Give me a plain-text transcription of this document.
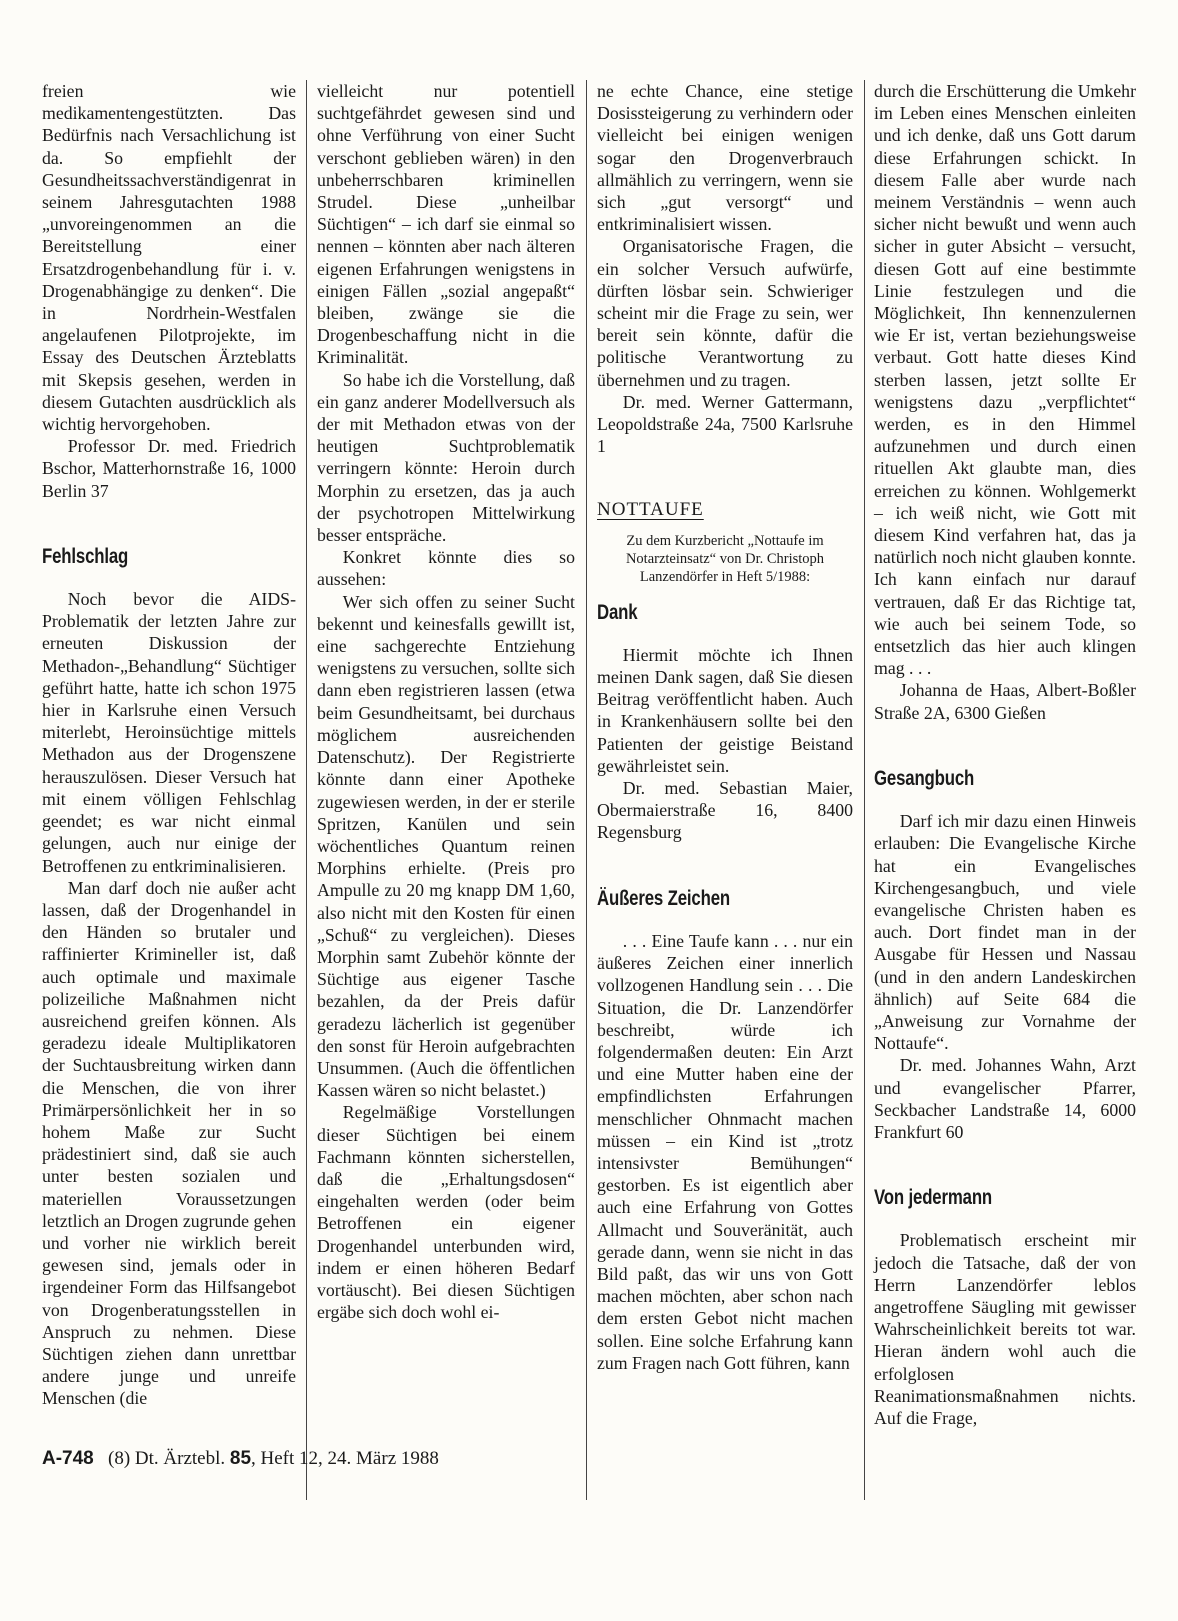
freien wie medikamentengestützten. Das Bedürfnis nach Versachlichung ist da. So empfiehlt der Gesundheitssachverständigenrat in seinem Jahresgutachten 1988 „unvoreingenommen an die Bereitstellung einer Ersatzdrogenbehandlung für i. v. Drogenabhängige zu denken“. Die in Nordrhein-Westfalen angelaufenen Pilotprojekte, im Essay des Deutschen Ärzteblatts mit Skepsis gesehen, werden in diesem Gutachten ausdrücklich als wichtig hervorgehoben.

Professor Dr. med. Friedrich Bschor, Matterhornstraße 16, 1000 Berlin 37

Fehlschlag

Noch bevor die AIDS-Problematik der letzten Jahre zur erneuten Diskussion der Methadon-„Behandlung“ Süchtiger geführt hatte, hatte ich schon 1975 hier in Karlsruhe einen Versuch miterlebt, Heroinsüchtige mittels Methadon aus der Drogenszene herauszulösen. Dieser Versuch hat mit einem völligen Fehlschlag geendet; es war nicht einmal gelungen, auch nur einige der Betroffenen zu entkriminalisieren.

Man darf doch nie außer acht lassen, daß der Drogenhandel in den Händen so brutaler und raffinierter Krimineller ist, daß auch optimale und maximale polizeiliche Maßnahmen nicht ausreichend greifen können. Als geradezu ideale Multiplikatoren der Suchtausbreitung wirken dann die Menschen, die von ihrer Primärpersönlichkeit her in so hohem Maße zur Sucht prädestiniert sind, daß sie auch unter besten sozialen und materiellen Voraussetzungen letztlich an Drogen zugrunde gehen und vorher nie wirklich bereit gewesen sind, jemals oder in irgendeiner Form das Hilfsangebot von Drogenberatungsstellen in Anspruch zu nehmen. Diese Süchtigen ziehen dann unrettbar andere junge und unreife Menschen (die

vielleicht nur potentiell suchtgefährdet gewesen sind und ohne Verführung von einer Sucht verschont geblieben wären) in den unbeherrschbaren kriminellen Strudel. Diese „unheilbar Süchtigen“ – ich darf sie einmal so nennen – könnten aber nach älteren eigenen Erfahrungen wenigstens in einigen Fällen „sozial angepaßt“ bleiben, zwänge sie die Drogenbeschaffung nicht in die Kriminalität.

So habe ich die Vorstellung, daß ein ganz anderer Modellversuch als der mit Methadon etwas von der heutigen Suchtproblematik verringern könnte: Heroin durch Morphin zu ersetzen, das ja auch der psychotropen Mittelwirkung besser entspräche.

Konkret könnte dies so aussehen:

Wer sich offen zu seiner Sucht bekennt und keinesfalls gewillt ist, eine sachgerechte Entziehung wenigstens zu versuchen, sollte sich dann eben registrieren lassen (etwa beim Gesundheitsamt, bei durchaus möglichem ausreichenden Datenschutz). Der Registrierte könnte dann einer Apotheke zugewiesen werden, in der er sterile Spritzen, Kanülen und sein wöchentliches Quantum reinen Morphins erhielte. (Preis pro Ampulle zu 20 mg knapp DM 1,60, also nicht mit den Kosten für einen „Schuß“ zu vergleichen). Dieses Morphin samt Zubehör könnte der Süchtige aus eigener Tasche bezahlen, da der Preis dafür geradezu lächerlich ist gegenüber den sonst für Heroin aufgebrachten Unsummen. (Auch die öffentlichen Kassen wären so nicht belastet.)

Regelmäßige Vorstellungen dieser Süchtigen bei einem Fachmann könnten sicherstellen, daß die „Erhaltungsdosen“ eingehalten werden (oder beim Betroffenen ein eigener Drogenhandel unterbunden wird, indem er einen höheren Bedarf vortäuscht). Bei diesen Süchtigen ergäbe sich doch wohl ei-

ne echte Chance, eine stetige Dosissteigerung zu verhindern oder vielleicht bei einigen wenigen sogar den Drogenverbrauch allmählich zu verringern, wenn sie sich „gut versorgt“ und entkriminalisiert wissen.

Organisatorische Fragen, die ein solcher Versuch aufwürfe, dürften lösbar sein. Schwieriger scheint mir die Frage zu sein, wer bereit sein könnte, dafür die politische Verantwortung zu übernehmen und zu tragen.

Dr. med. Werner Gattermann, Leopoldstraße 24a, 7500 Karlsruhe 1

NOTTAUFE
Zu dem Kurzbericht „Nottaufe im Notarzteinsatz“ von Dr. Christoph Lanzendörfer in Heft 5/1988:
Dank

Hiermit möchte ich Ihnen meinen Dank sagen, daß Sie diesen Beitrag veröffentlicht haben. Auch in Krankenhäusern sollte bei den Patienten der geistige Beistand gewährleistet sein.

Dr. med. Sebastian Maier, Obermaierstraße 16, 8400 Regensburg

Äußeres Zeichen

. . . Eine Taufe kann . . . nur ein äußeres Zeichen einer innerlich vollzogenen Handlung sein . . . Die Situation, die Dr. Lanzendörfer beschreibt, würde ich folgendermaßen deuten: Ein Arzt und eine Mutter haben eine der empfindlichsten Erfahrungen menschlicher Ohnmacht machen müssen – ein Kind ist „trotz intensivster Bemühungen“ gestorben. Es ist eigentlich aber auch eine Erfahrung von Gottes Allmacht und Souveränität, auch gerade dann, wenn sie nicht in das Bild paßt, das wir uns von Gott machen möchten, aber schon nach dem ersten Gebot nicht machen sollen. Eine solche Erfahrung kann zum Fragen nach Gott führen, kann

durch die Erschütterung die Umkehr im Leben eines Menschen einleiten und ich denke, daß uns Gott darum diese Erfahrungen schickt. In diesem Falle aber wurde nach meinem Verständnis – wenn auch sicher nicht bewußt und wenn auch sicher in guter Absicht – versucht, diesen Gott auf eine bestimmte Linie festzulegen und die Möglichkeit, Ihn kennenzulernen wie Er ist, vertan beziehungsweise verbaut. Gott hatte dieses Kind sterben lassen, jetzt sollte Er wenigstens dazu „verpflichtet“ werden, es in den Himmel aufzunehmen und durch einen rituellen Akt glaubte man, dies erreichen zu können. Wohlgemerkt – ich weiß nicht, wie Gott mit diesem Kind verfahren hat, das ja natürlich noch nicht glauben konnte. Ich kann einfach nur darauf vertrauen, daß Er das Richtige tat, wie auch bei seinem Tode, so entsetzlich das hier auch klingen mag . . .

Johanna de Haas, Albert-Boßler Straße 2A, 6300 Gießen

Gesangbuch

Darf ich mir dazu einen Hinweis erlauben: Die Evangelische Kirche hat ein Evangelisches Kirchengesangbuch, und viele evangelische Christen haben es auch. Dort findet man in der Ausgabe für Hessen und Nassau (und in den andern Landeskirchen ähnlich) auf Seite 684 die „Anweisung zur Vornahme der Nottaufe“.

Dr. med. Johannes Wahn, Arzt und evangelischer Pfarrer, Seckbacher Landstraße 14, 6000 Frankfurt 60

Von jedermann

Problematisch erscheint mir jedoch die Tatsache, daß der von Herrn Lanzendörfer leblos angetroffene Säugling mit gewisser Wahrscheinlichkeit bereits tot war. Hieran ändern wohl auch die erfolglosen Reanimationsmaßnahmen nichts. Auf die Frage,

A-748 (8) Dt. Ärztebl. 85, Heft 12, 24. März 1988
